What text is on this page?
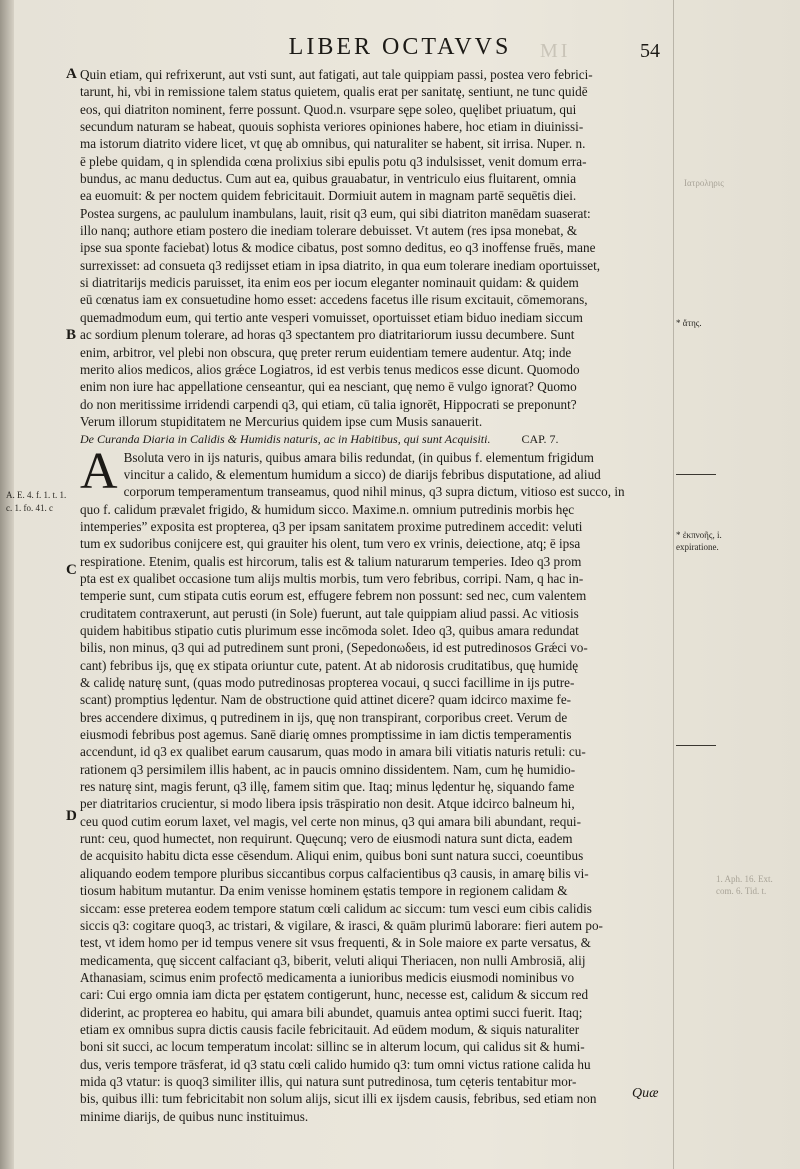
LIBER OCTAVVS	MI	54
A
B
C
D
Quin etiam, qui refrixerunt, aut vsti sunt, aut fatigati, aut tale quippiam passi, postea vero febrici-
tarunt, hi, vbi in remissione talem status quietem, qualis erat per sanitatę, sentiunt, ne tunc quidē
eos, qui diatriton nominent, ferre possunt. Quod.n. vsurpare sępe soleo, quęlibet priuatum, qui
secundum naturam se habeat, quouis sophista veriores opiniones habere, hoc etiam in diuinissi-
ma istorum diatrito videre licet, vt quę ab omnibus, qui naturaliter se habent, sit irrisa. Nuper. n.
ē plebe quidam, q in splendida cœna prolixius sibi epulis potu q3 indulsisset, venit domum erra-
bundus, ac manu deductus. Cum aut ea, quibus grauabatur, in ventriculo eius fluitarent, omnia
ea euomuit: & per noctem quidem febricitauit. Dormiuit autem in magnam partē sequētis diei.
Postea surgens, ac paululum inambulans, lauit, risit q3 eum, qui sibi diatriton manēdam suaserat:
illo nanq; authore etiam postero die inediam tolerare debuisset. Vt autem (res ipsa monebat, &
ipse sua sponte faciebat) lotus & modice cibatus, post somno deditus, eo q3 inoffense fruēs, mane
surrexisset: ad consueta q3 redijsset etiam in ipsa diatrito, in qua eum tolerare inediam oportuisset,
si diatritarijs medicis paruisset, ita enim eos per iocum eleganter nominauit quidam: & quidem
eū cœnatus iam ex consuetudine homo esset: accedens facetus ille risum excitauit, cōmemorans,
quemadmodum eum, qui tertio ante vesperi vomuisset, oportuisset etiam biduo inediam siccum
ac sordium plenum tolerare, ad horas q3 spectantem pro diatritariorum iussu decumbere. Sunt
enim, arbitror, vel plebi non obscura, quę preter rerum euidentiam temere audentur. Atq; inde
merito alios medicos, alios grǽce Logiatros, id est verbis tenus medicos esse dicunt. Quomodo
enim non iure hac appellatione censeantur, qui ea nesciant, quę nemo ē vulgo ignorat? Quomo
do non meritissime irridendi carpendi q3, qui etiam, cū talia ignorēt, Hippocrati se preponunt?
Verum illorum stupiditatem ne Mercurius quidem ipse cum Musis sanauerit.
De Curanda Diaria in Calidis & Humidis naturis, ac in Habitibus, qui sunt Acquisiti.	CAP. 7.
A Bsoluta vero in ijs naturis, quibus amara bilis redundat, (in quibus f. elementum frigidum
vincitur a calido, & elementum humidum a sicco) de diarijs febribus disputatione, ad aliud
corporum temperamentum transeamus, quod nihil minus, q3 supra dictum, vitioso est succo, in
quo f. calidum prævalet frigido, & humidum sicco. Maxime.n. omnium putredinis morbis hęc
intemperies” exposita est propterea, q3 per ipsam sanitatem proxime putredinem accedit: veluti
tum ex sudoribus conijcere est, qui grauiter his olent, tum vero ex vrinis, deiectione, atq; ē ipsa
respiratione. Etenim, qualis est hircorum, talis est & talium naturarum temperies. Ideo q3 prom
pta est ex qualibet occasione tum alijs multis morbis, tum vero febribus, corripi. Nam, q hac in-
temperie sunt, cum stipata cutis eorum est, effugere febrem non possunt: sed nec, cum valentem
cruditatem contraxerunt, aut perusti (in Sole) fuerunt, aut tale quippiam aliud passi. Ac vitiosis
quidem habitibus stipatio cutis plurimum esse incōmoda solet. Ideo q3, quibus amara redundat
bilis, non minus, q3 qui ad putredinem sunt proni, (Sepedonωδeιs, id est putredinosos Grǽci vo-
cant) febribus ijs, quę ex stipata oriuntur cute, patent. At ab nidorosis cruditatibus, quę humidę
& calidę naturę sunt, (quas modo putredinosas propterea vocaui, q succi facillime in ijs putre-
scant) promptius lędentur. Nam de obstructione quid attinet dicere? quam idcirco maxime fe-
bres accendere diximus, q putredinem in ijs, quę non transpirant, corporibus creet. Verum de
eiusmodi febribus post agemus. Sanē diarię omnes promptissime in iam dictis temperamentis
accendunt, id q3 ex qualibet earum causarum, quas modo in amara bili vitiatis naturis retuli: cu-
rationem q3 persimilem illis habent, ac in paucis omnino dissidentem. Nam, cum hę humidio-
res naturę sint, magis ferunt, q3 illę, famem sitim que. Itaq; minus lędentur hę, siquando fame
per diatritarios crucientur, si modo libera ipsis trāspiratio non desit. Atque idcirco balneum hi,
ceu quod cutim eorum laxet, vel magis, vel certe non minus, q3 qui amara bili abundant, requi-
runt: ceu, quod humectet, non requirunt. Quęcunq; vero de eiusmodi natura sunt dicta, eadem
de acquisito habitu dicta esse cēsendum. Aliqui enim, quibus boni sunt natura succi, coeuntibus
aliquando eodem tempore pluribus siccantibus corpus calfacientibus q3 causis, in amarę bilis vi-
tiosum habitum mutantur. Da enim venisse hominem ęstatis tempore in regionem calidam &
siccam: esse preterea eodem tempore statum cœli calidum ac siccum: tum vesci eum cibis calidis
siccis q3: cogitare quoq3, ac tristari, & vigilare, & irasci, & quām plurimū laborare: fieri autem po-
test, vt idem homo per id tempus venere sit vsus frequenti, & in Sole maiore ex parte versatus, &
medicamenta, quę siccent calfaciant q3, biberit, veluti aliqui Theriacen, non nulli Ambrosiā, alij
Athanasiam, scimus enim profectō medicamenta a iunioribus medicis eiusmodi nominibus vo
cari: Cui ergo omnia iam dicta per ęstatem contigerunt, hunc, necesse est, calidum & siccum red
diderint, ac propterea eo habitu, qui amara bili abundet, quamuis antea optimi succi fuerit. Itaq;
etiam ex omnibus supra dictis causis facile febricitauit. Ad eūdem modum, & siquis naturaliter
boni sit succi, ac locum temperatum incolat: sillinc se in alterum locum, qui calidus sit & humi-
dus, veris tempore trāsferat, id q3 statu cœli calido humido q3: tum omni victus ratione calida hu
mida q3 vtatur: is quoq3 similiter illis, qui natura sunt putredinosa, tum cęteris tentabitur mor-
bis, quibus illi: tum febricitabit non solum alijs, sicut illi ex ijsdem causis, febribus, sed etiam non
minime diarijs, de quibus nunc instituimus.
A. E. 4. f. 1. t. 1.
c. 1. fo. 41. c
* ἄτης.
* ἐκπνοῆς, i.
expiratione.
Ιατροληρις
1. Aph. 16. Ext.
com. 6. Tid. t.
Quæ
